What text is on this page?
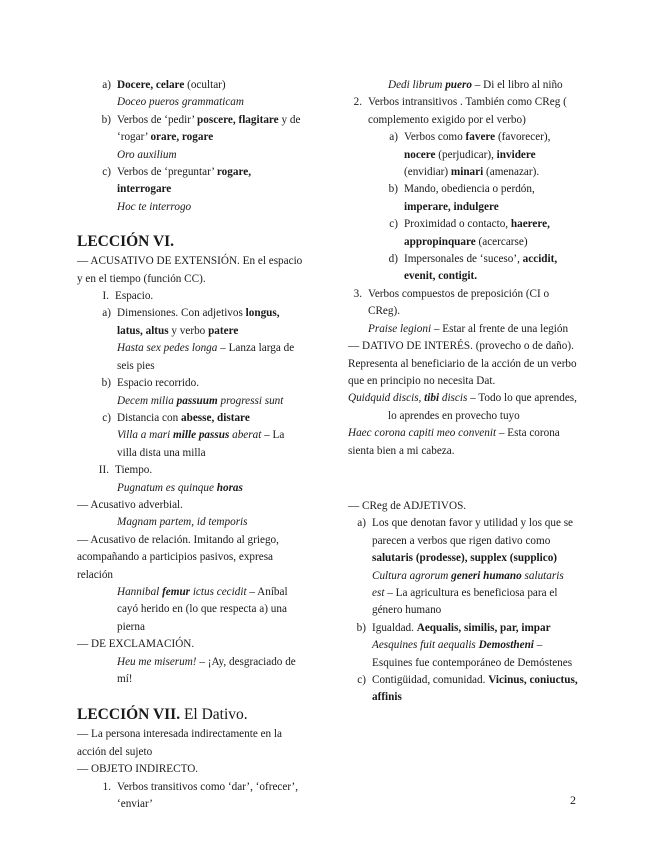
a) Docere, celare (ocultar)
Doceo pueros grammaticam
b) Verbos de ‘pedir’ poscere, flagitare y de ‘rogar’ orare, rogare
Oro auxilium
c) Verbos de ‘preguntar’ rogare, interrogare
Hoc te interrogo
LECCIÓN VI.
— ACUSATIVO DE EXTENSIÓN. En el espacio y en el tiempo (función CC).
I. Espacio.
a) Dimensiones. Con adjetivos longus, latus, altus y verbo patere
Hasta sex pedes longa – Lanza larga de seis pies
b) Espacio recorrido.
Decem milia passuum progressi sunt
c) Distancia con abesse, distare
Villa a mari mille passus aberat – La villa dista una milla
II. Tiempo.
Pugnatum es quinque horas
— Acusativo adverbial.
Magnam partem, id temporis
— Acusativo de relación. Imitando al griego, acompañando a participios pasivos, expresa relación
Hannibal femur ictus cecidit – Aníbal cayó herido en (lo que respecta a) una pierna
— DE EXCLAMACIÓN.
Heu me miserum! – ¡Ay, desgraciado de mí!
LECCIÓN VII. El Dativo.
— La persona interesada indirectamente en la acción del sujeto
— OBJETO INDIRECTO.
1. Verbos transitivos como ‘dar’, ‘ofrecer’, ‘enviar’
Dedi librum puero – Di el libro al niño
2. Verbos intransitivos . También como CReg ( complemento exigido por el verbo)
a) Verbos como favere (favorecer), nocere (perjudicar), invidere (envidiar) minari (amenazar).
b) Mando, obediencia o perdón, imperare, indulgere
c) Proximidad o contacto, haerere, appropinquare (acercarse)
d) Impersonales de ‘suceso’, accidit, evenit, contigit.
3. Verbos compuestos de preposición (CI o CReg).
Praise legioni – Estar al frente de una legión
— DATIVO DE INTERÉS. (provecho o de daño). Representa al beneficiario de la acción de un verbo que en principio no necesita Dat.
Quidquid discis, tibi discis – Todo lo que aprendes, lo aprendes en provecho tuyo
Haec corona capiti meo convenit – Esta corona sienta bien a mi cabeza.
— CReg de ADJETIVOS.
a) Los que denotan favor y utilidad y los que se parecen a verbos que rigen dativo como salutaris (prodesse), supplex (supplico)
Cultura agrorum generi humano salutaris est – La agricultura es beneficiosa para el género humano
b) Igualdad. Aequalis, similis, par, impar
Aesquines fuit aequalis Demostheni – Esquines fue contemporáneo de Demóstenes
c) Contigüidad, comunidad. Vicinus, coniuctus, affinis
2
